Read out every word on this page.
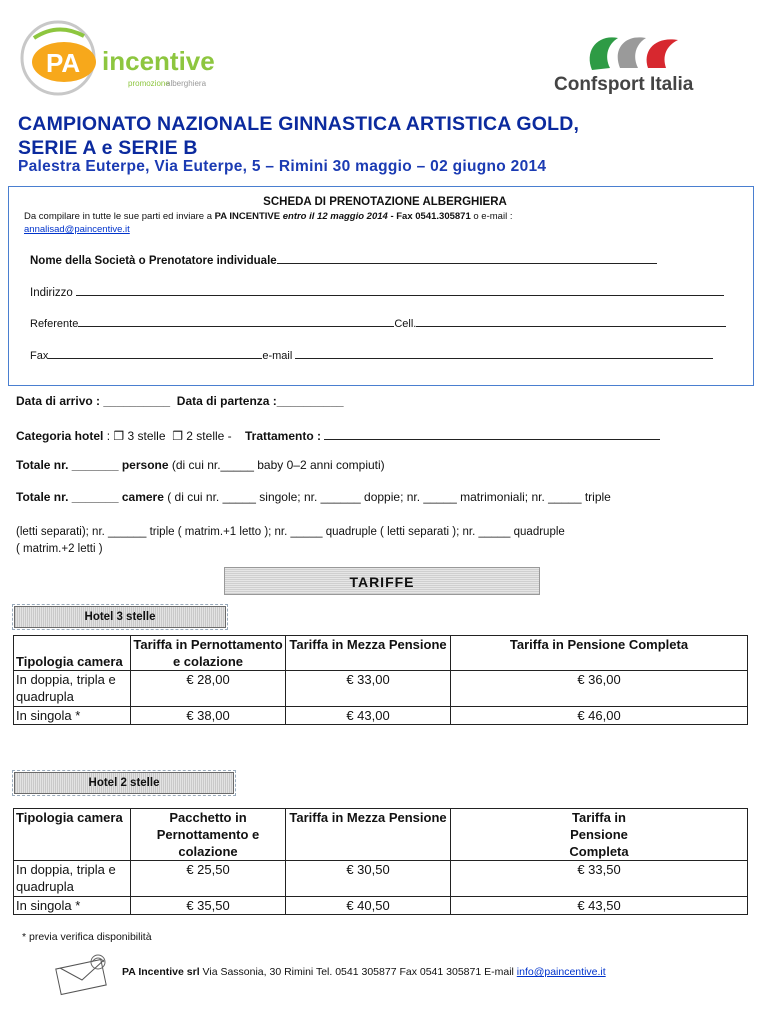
PA incentive
promozione
alberghiera	Confsport Italia
CAMPIONATO NAZIONALE GINNASTICA ARTISTICA GOLD,
SERIE A e SERIE B
Palestra Euterpe, Via Euterpe, 5 – Rimini 30 maggio – 02 giugno 2014
SCHEDA DI PRENOTAZIONE ALBERGHIERA
Da compilare in tutte le sue parti ed inviare a PA INCENTIVE entro il 12 maggio 2014 - Fax 0541.305871 o e-mail :
annalisad@paincentive.it
Nome della Società o Prenotatore individuale
Indirizzo
Referente	Cell.
Fax	e-mail
Data di arrivo : __________ Data di partenza :__________
Categoria hotel : ❐ 3 stelle ❐ 2 stelle - Trattamento :
Totale nr. _______ persone (di cui nr._____ baby 0–2 anni compiuti)
Totale nr. _______ camere ( di cui nr. _____ singole; nr. ______ doppie; nr. _____ matrimoniali; nr. _____ triple
(letti separati); nr. ______ triple ( matrim.+1 letto ); nr. _____ quadruple ( letti separati ); nr. _____ quadruple
( matrim.+2 letti )
TARIFFE
Hotel 3 stelle
Tipologia camera	Tariffa in Pernottamento e colazione	Tariffa in Mezza Pensione	Tariffa in Pensione Completa
In doppia, tripla e quadrupla	€ 28,00	€ 33,00	€ 36,00
In singola *	€ 38,00	€ 43,00	€ 46,00
Hotel 2 stelle
Tipologia camera	Pacchetto in Pernottamento e colazione	Tariffa in Mezza Pensione	Tariffa in Pensione Completa
In doppia, tripla e quadrupla	€ 25,50	€ 30,50	€ 33,50
In singola *	€ 35,50	€ 40,50	€ 43,50
* previa verifica disponibilità
PA Incentive srl Via Sassonia, 30 Rimini Tel. 0541 305877 Fax 0541 305871 E-mail info@paincentive.it
